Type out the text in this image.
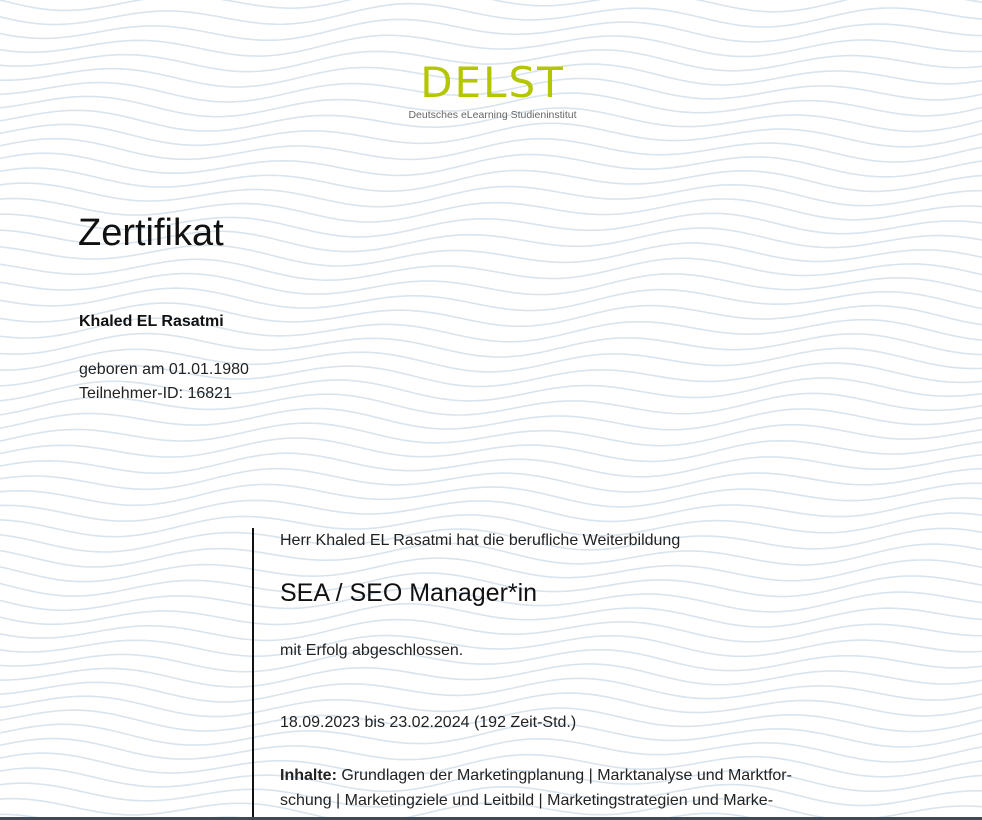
DELST
Deutsches eLearning Studieninstitut
Zertifikat
Khaled EL Rasatmi
geboren am 01.01.1980
Teilnehmer-ID: 16821
Herr Khaled EL Rasatmi hat die berufliche Weiterbildung
SEA / SEO Manager*in
mit Erfolg abgeschlossen.
18.09.2023 bis 23.02.2024 (192 Zeit-Std.)
Inhalte: Grundlagen der Marketingplanung | Marktanalyse und Marktfor-
schung | Marketingziele und Leitbild | Marketingstrategien und Marke-
